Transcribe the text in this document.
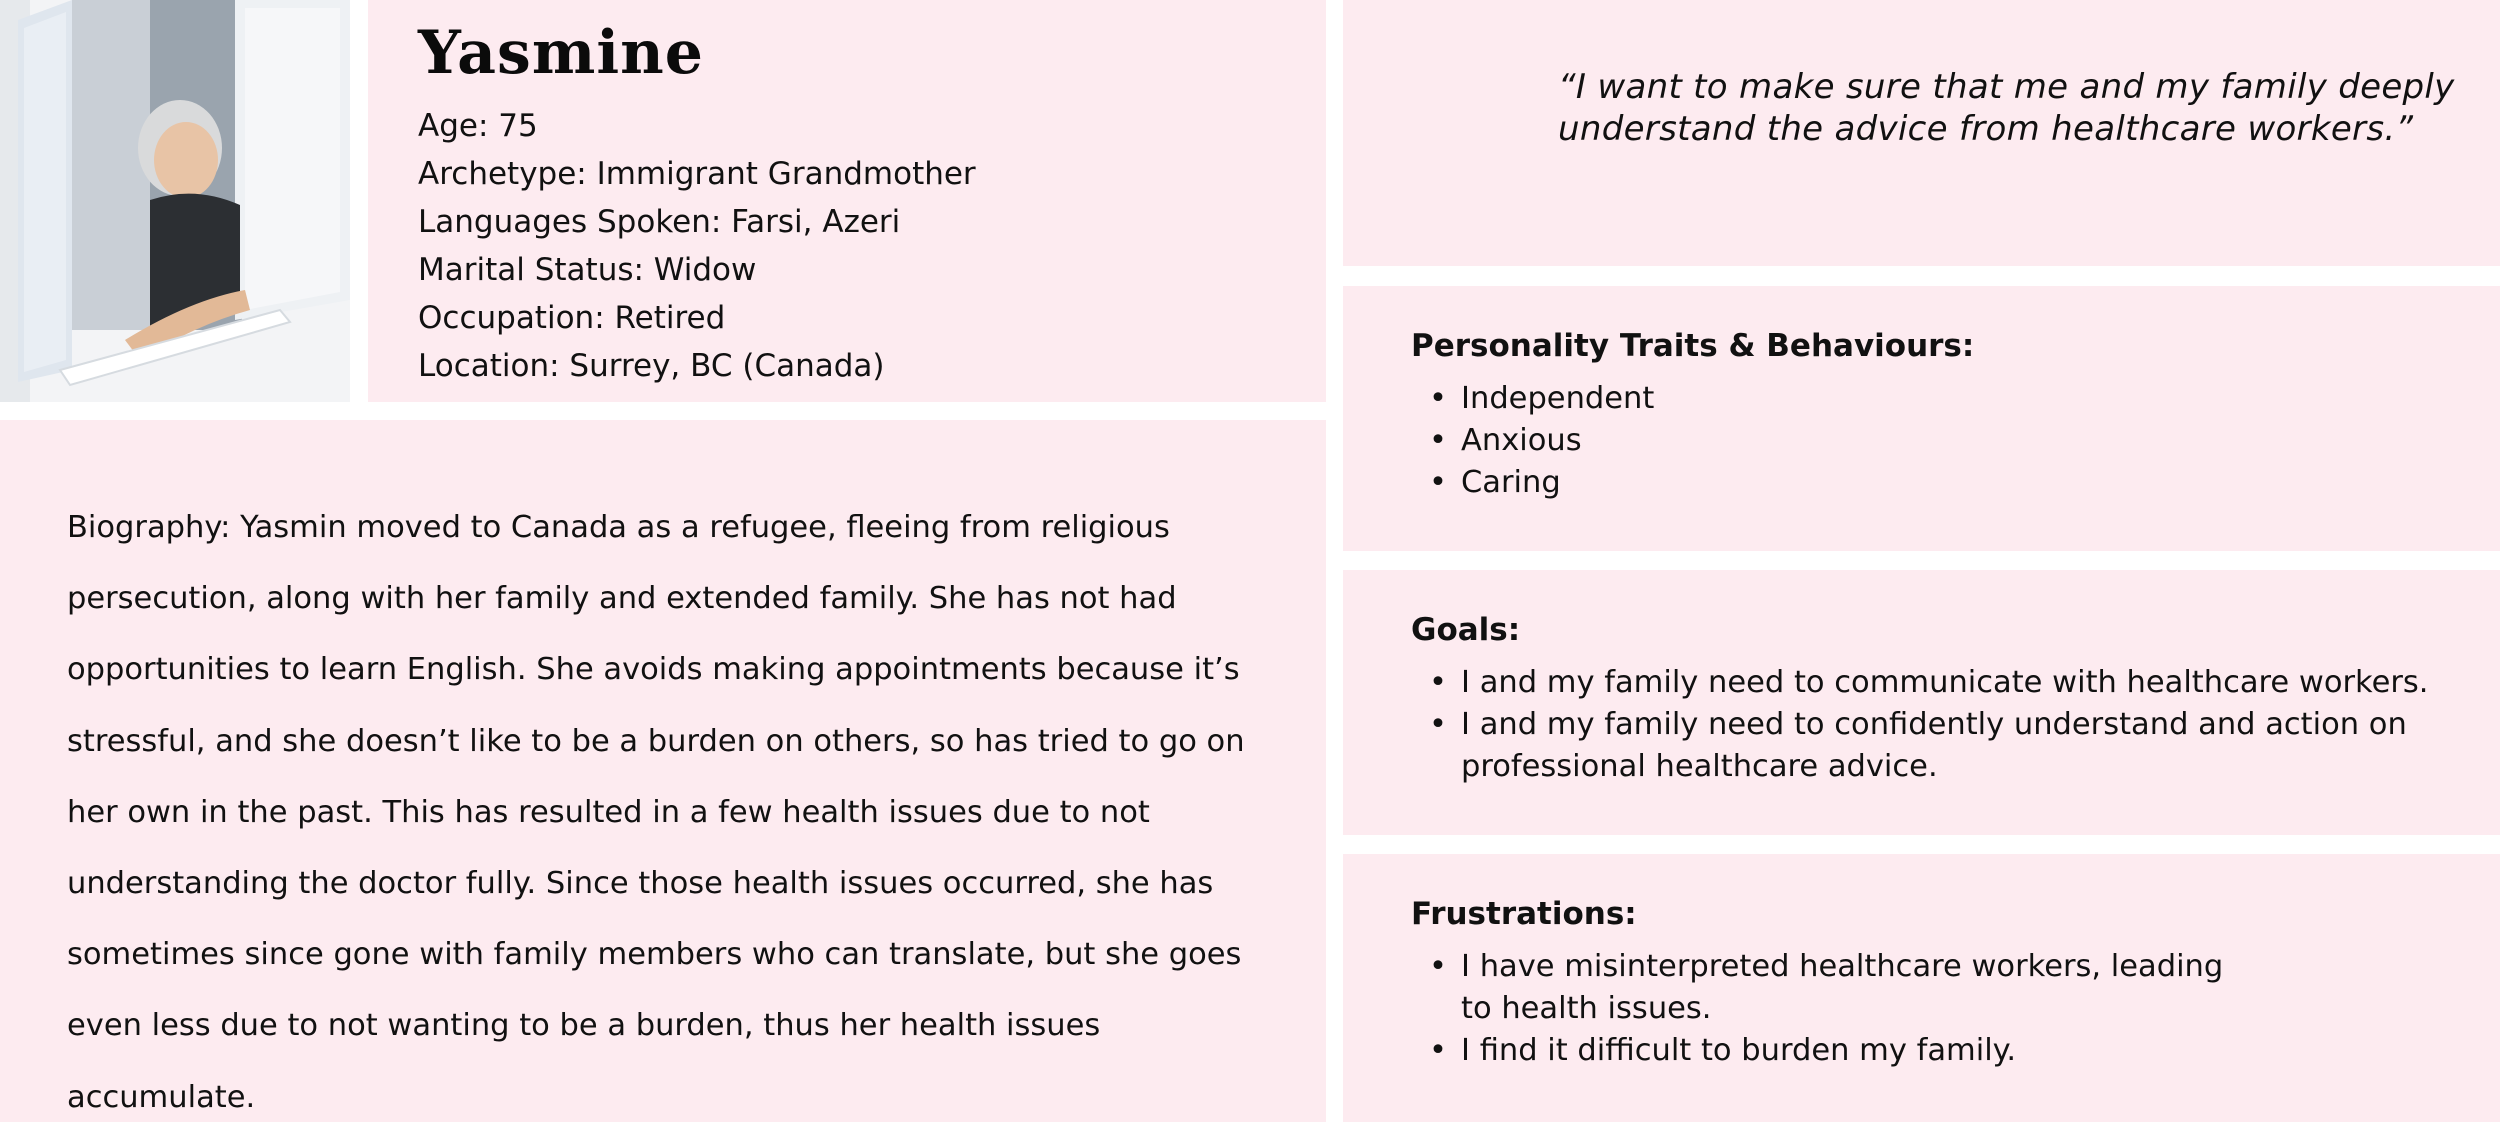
Yasmine
Age: 75
Archetype: Immigrant Grandmother
Languages Spoken: Farsi, Azeri
Marital Status: Widow
Occupation: Retired
Location: Surrey, BC (Canada)

Biography: Yasmin moved to Canada as a refugee, fleeing from religious persecution, along with her family and extended family. She has not had opportunities to learn English. She avoids making appointments because it’s stressful, and she doesn’t like to be a burden on others, so has tried to go on her own in the past. This has resulted in a few health issues due to not understanding the doctor fully. Since those health issues occurred, she has sometimes since gone with family members who can translate, but she goes even less due to not wanting to be a burden, thus her health issues accumulate.

“I want to make sure that me and my family deeply understand the advice from healthcare workers.”

Personality Traits & Behaviours:
• Independent
• Anxious
• Caring
Goals:
• I and my family need to communicate with healthcare workers.
• I and my family need to confidently understand and action on professional healthcare advice.
Frustrations:
• I have misinterpreted healthcare workers, leading to health issues.
• I find it difficult to burden my family.
